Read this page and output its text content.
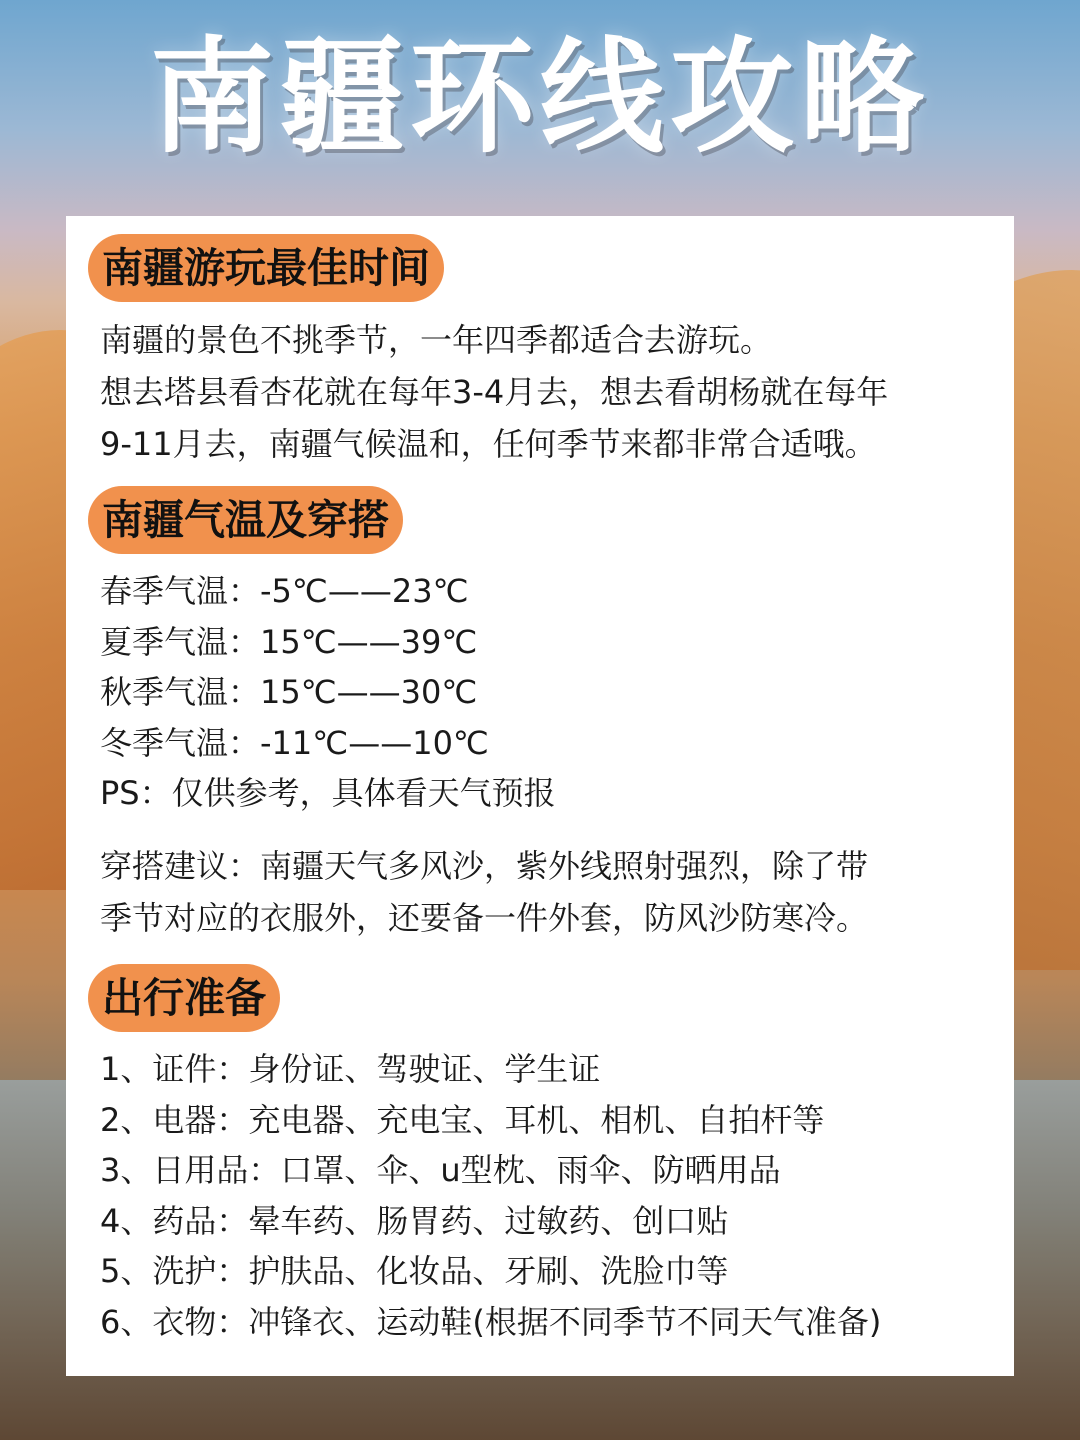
南疆环线攻略
南疆游玩最佳时间
南疆的景色不挑季节，一年四季都适合去游玩。
想去塔县看杏花就在每年3-4月去，想去看胡杨就在每年
9-11月去，南疆气候温和，任何季节来都非常合适哦。
南疆气温及穿搭
春季气温：-5℃——23℃
夏季气温：15℃——39℃
秋季气温：15℃——30℃
冬季气温：-11℃——10℃
PS：仅供参考，具体看天气预报
穿搭建议：南疆天气多风沙，紫外线照射强烈，除了带
季节对应的衣服外，还要备一件外套，防风沙防寒冷。
出行准备
1、证件：身份证、驾驶证、学生证
2、电器：充电器、充电宝、耳机、相机、自拍杆等
3、日用品：口罩、伞、u型枕、雨伞、防晒用品
4、药品：晕车药、肠胃药、过敏药、创口贴
5、洗护：护肤品、化妆品、牙刷、洗脸巾等
6、衣物：冲锋衣、运动鞋(根据不同季节不同天气准备)
